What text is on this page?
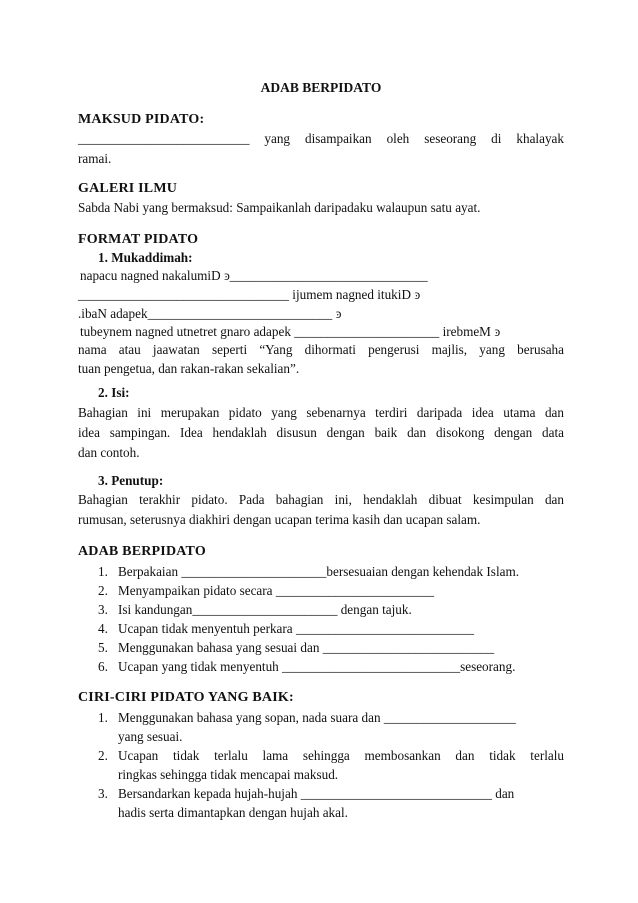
ADAB BERPIDATO
MAKSUD PIDATO:
__________________________ yang disampaikan oleh seseorang di khalayak
ramai.
GALERI ILMU
Sabda Nabi yang bermaksud: Sampaikanlah daripadaku walaupun satu ayat.
FORMAT PIDATO
1. Mukaddimah:
napacu nagned nakalumiD ͽ______________________________
________________________________ ijumem nagned itukiD ͽ
.ibaN adapek____________________________ ͽ
tubeynem nagned utnetret gnaro adapek ______________________ irebmeM ͽ
nama atau jaawatan seperti “Yang dihormati pengerusi majlis, yang berusaha
tuan pengetua, dan rakan-rakan sekalian”.
2. Isi:
Bahagian ini merupakan pidato yang sebenarnya terdiri daripada idea utama dan
idea sampingan. Idea hendaklah disusun dengan baik dan disokong dengan data
dan contoh.
3. Penutup:
Bahagian terakhir pidato. Pada bahagian ini, hendaklah dibuat kesimpulan dan
rumusan, seterusnya diakhiri dengan ucapan terima kasih dan ucapan salam.
ADAB BERPIDATO
1. Berpakaian ______________________bersesuaian dengan kehendak Islam.
2. Menyampaikan pidato secara ________________________
3. Isi kandungan______________________ dengan tajuk.
4. Ucapan tidak menyentuh perkara ___________________________
5. Menggunakan bahasa yang sesuai dan __________________________
6. Ucapan yang tidak menyentuh ___________________________seseorang.
CIRI-CIRI PIDATO YANG BAIK:
1. Menggunakan bahasa yang sopan, nada suara dan ____________________
yang sesuai.
2. Ucapan tidak terlalu lama sehingga membosankan dan tidak terlalu
ringkas sehingga tidak mencapai maksud.
3. Bersandarkan kepada hujah-hujah _____________________________ dan
hadis serta dimantapkan dengan hujah akal.
